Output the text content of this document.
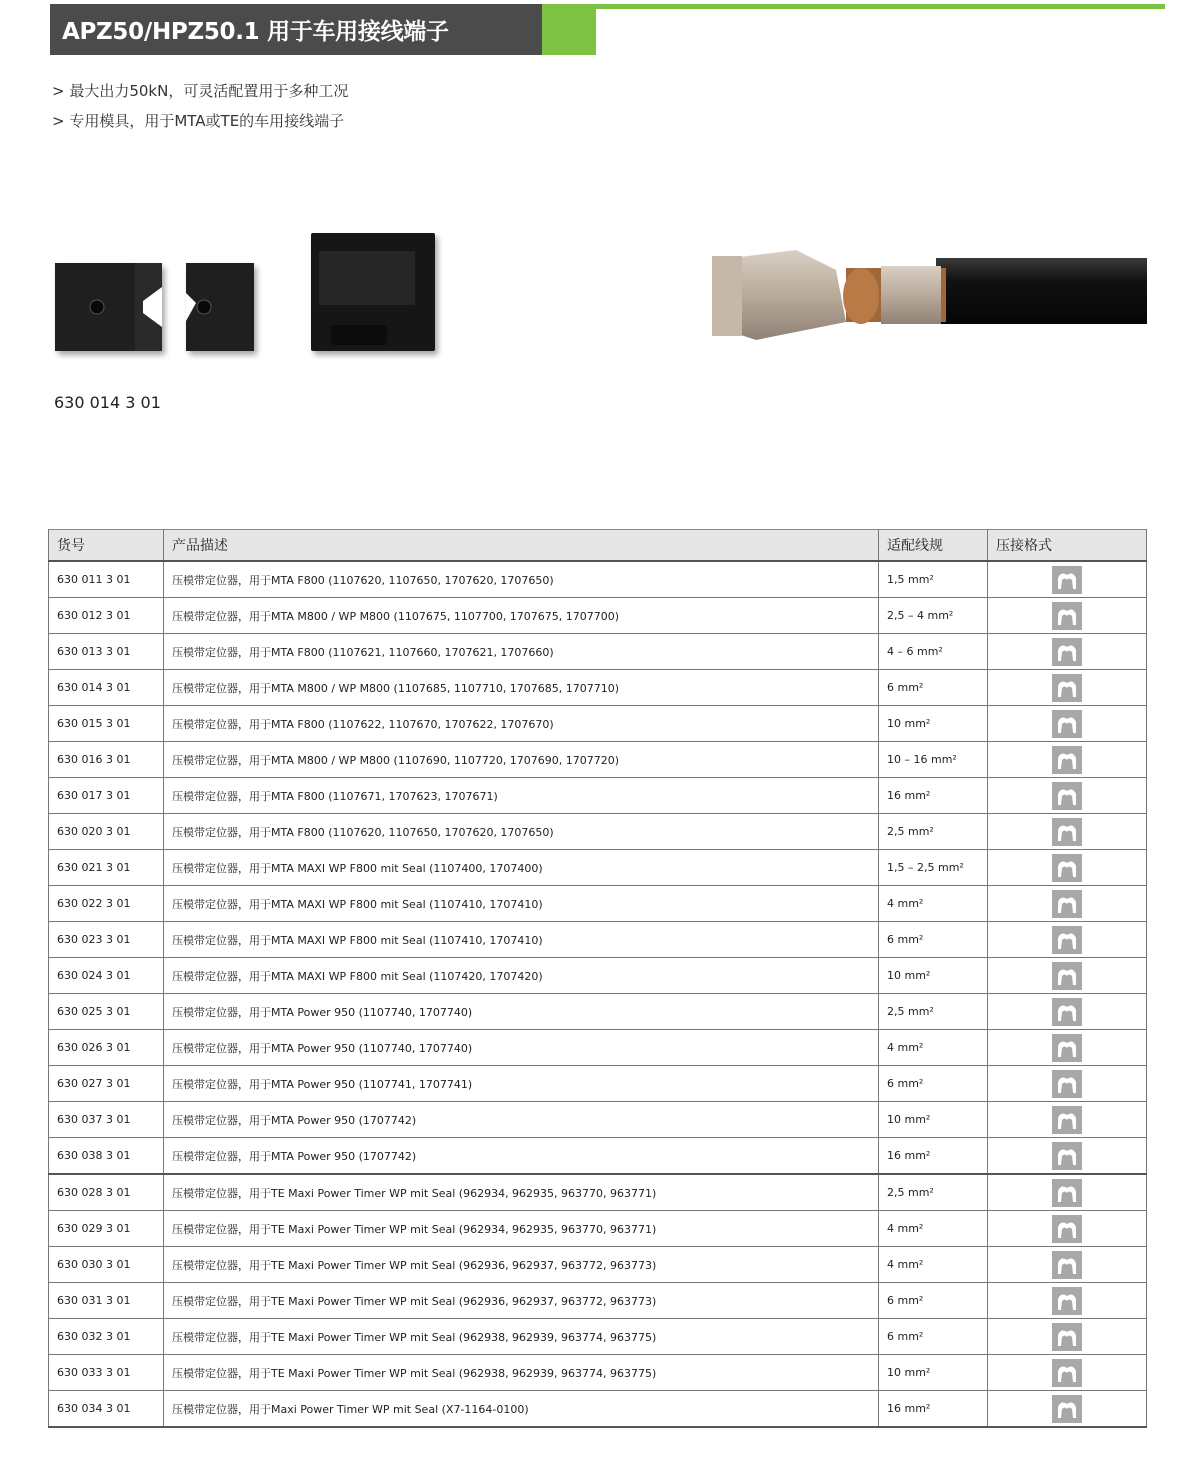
APZ50/HPZ50.1 用于车用接线端子
> 最大出力50kN，可灵活配置用于多种工况
> 专用模具，用于MTA或TE的车用接线端子
630 014 3 01
货号	产品描述	适配线规	压接格式
630 011 3 01	压模带定位器，用于MTA F800 (1107620, 1107650, 1707620, 1707650)	1,5 mm²	

630 012 3 01	压模带定位器，用于MTA M800 / WP M800 (1107675, 1107700, 1707675, 1707700)	2,5 – 4 mm²	

630 013 3 01	压模带定位器，用于MTA F800 (1107621, 1107660, 1707621, 1707660)	4 – 6 mm²	

630 014 3 01	压模带定位器，用于MTA M800 / WP M800 (1107685, 1107710, 1707685, 1707710)	6 mm²	

630 015 3 01	压模带定位器，用于MTA F800 (1107622, 1107670, 1707622, 1707670)	10 mm²	

630 016 3 01	压模带定位器，用于MTA M800 / WP M800 (1107690, 1107720, 1707690, 1707720)	10 – 16 mm²	

630 017 3 01	压模带定位器，用于MTA F800 (1107671, 1707623, 1707671)	16 mm²	

630 020 3 01	压模带定位器，用于MTA F800 (1107620, 1107650, 1707620, 1707650)	2,5 mm²	

630 021 3 01	压模带定位器，用于MTA MAXI WP F800 mit Seal (1107400, 1707400)	1,5 – 2,5 mm²	

630 022 3 01	压模带定位器，用于MTA MAXI WP F800 mit Seal (1107410, 1707410)	4 mm²	

630 023 3 01	压模带定位器，用于MTA MAXI WP F800 mit Seal (1107410, 1707410)	6 mm²	

630 024 3 01	压模带定位器，用于MTA MAXI WP F800 mit Seal (1107420, 1707420)	10 mm²	

630 025 3 01	压模带定位器，用于MTA Power 950 (1107740, 1707740)	2,5 mm²	

630 026 3 01	压模带定位器，用于MTA Power 950 (1107740, 1707740)	4 mm²	

630 027 3 01	压模带定位器，用于MTA Power 950 (1107741, 1707741)	6 mm²	

630 037 3 01	压模带定位器，用于MTA Power 950 (1707742)	10 mm²	

630 038 3 01	压模带定位器，用于MTA Power 950 (1707742)	16 mm²	

630 028 3 01	压模带定位器，用于TE Maxi Power Timer WP mit Seal (962934, 962935, 963770, 963771)	2,5 mm²	

630 029 3 01	压模带定位器，用于TE Maxi Power Timer WP mit Seal (962934, 962935, 963770, 963771)	4 mm²	

630 030 3 01	压模带定位器，用于TE Maxi Power Timer WP mit Seal (962936, 962937, 963772, 963773)	4 mm²	

630 031 3 01	压模带定位器，用于TE Maxi Power Timer WP mit Seal (962936, 962937, 963772, 963773)	6 mm²	

630 032 3 01	压模带定位器，用于TE Maxi Power Timer WP mit Seal (962938, 962939, 963774, 963775)	6 mm²	

630 033 3 01	压模带定位器，用于TE Maxi Power Timer WP mit Seal (962938, 962939, 963774, 963775)	10 mm²	

630 034 3 01	压模带定位器，用于Maxi Power Timer WP mit Seal (X7-1164-0100)	16 mm²	
